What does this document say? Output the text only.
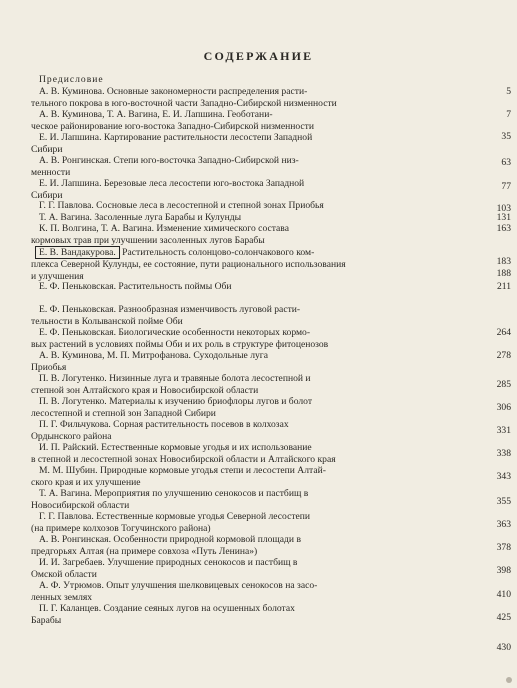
СОДЕРЖАНИЕ
Предисловие
5
А. В. Куминова. Основные закономерности распределения расти-
тельного покрова в юго-восточной части Западно-Сибирской низменности
7
А. В. Куминова, Т. А. Вагина, Е. И. Лапшина. Геоботани-
ческое районирование юго-востока Западно-Сибирской низменности
35
Е. И. Лапшина. Картирование растительности лесостепи Западной
Сибири
63
А. В. Ронгинская. Степи юго-восточка Западно-Сибирской низ-
менности
77
Е. И. Лапшина. Березовые леса лесостепи юго-востока Западной
Сибири
103
Г. Г. Павлова. Сосновые леса в лесостепной и степной зонах Приобья
131
Т. А. Вагина. Засоленные луга Барабы и Кулунды
163
К. П. Волгина, Т. А. Вагина. Изменение химического состава
кормовых трав при улучшении засоленных лугов Барабы
183
Е. В. Вандакурова. Растительность солонцово-солончакового ком-
плекса Северной Кулунды, ее состояние, пути рационального использования
и улучшения	188
Е. Ф. Пеньковская. Растительность поймы Оби	211
Е. Ф. Пеньковская. Разнообразная изменчивость луговой расти-
тельности в Колыванской пойме Оби
264
Е. Ф. Пеньковская. Биологические особенности некоторых кормо-
вых растений в условиях поймы Оби и их роль в структуре фитоценозов
278
А. В. Куминова, М. П. Митрофанова. Суходольные луга
Приобья
285
П. В. Логутенко. Низинные луга и травяные болота лесостепной и
степной зон Алтайского края и Новосибирской области
306
П. В. Логутенко. Материалы к изучению бриофлоры лугов и болот
лесостепной и степной зон Западной Сибири
331
П. Г. Фильчукова. Сорная растительность посевов в колхозах
Ордынского района
338
И. П. Райский. Естественные кормовые угодья и их использование
в степной и лесостепной зонах Новосибирской области и Алтайского края
343
М. М. Шубин. Природные кормовые угодья степи и лесостепи Алтай-
ского края и их улучшение
355
Т. А. Вагина. Мероприятия по улучшению сенокосов и пастбищ в
Новосибирской области
363
Г. Г. Павлова. Естественные кормовые угодья Северной лесостепи
(на примере колхозов Тогучинского района)
378
А. В. Ронгинская. Особенности природной кормовой площади в
предгорьях Алтая (на примере совхоза «Путь Ленина»)
398
И. И. Загребаев. Улучшение природных сенокосов и пастбищ в
Омской области
410
А. Ф. Утрюмов. Опыт улучшения шелковицевых сенокосов на засо-
ленных землях
425
П. Г. Каланцев. Создание сеяных лугов на осушенных болотах
Барабы
430
